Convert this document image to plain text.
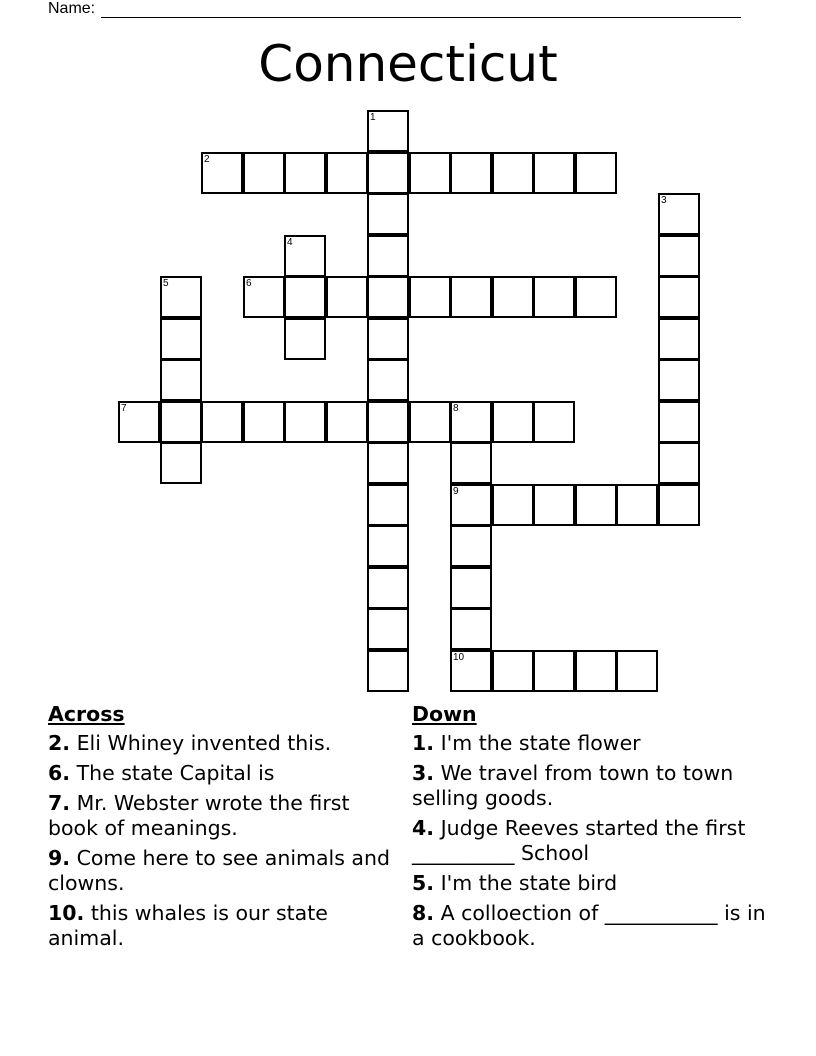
Name:
Connecticut
1
2
3
4
5	6
7	8
9
10
Across
2. Eli Whiney invented this.
6. The state Capital is
7. Mr. Webster wrote the first book of meanings.
9. Come here to see animals and clowns.
10. this whales is our state animal.
Down
1. I'm the state flower
3. We travel from town to town selling goods.
4. Judge Reeves started the first __________ School
5. I'm the state bird
8. A colloection of ___________ is in a cookbook.
